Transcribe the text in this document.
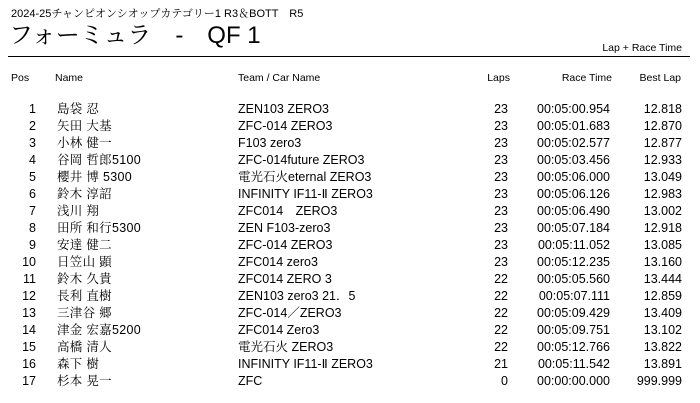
2024-25チャンピオンシオップカテゴリー1 R3＆BOTT　R5
フォーミュラ　-　QF 1	Lap + Race Time
Pos Name	Team / Car Name	Laps	Race Time	Best Lap
1 島袋 忍	ZEN103 ZERO3	23 00:05:00.954	12.818
2 矢田 大基	ZFC-014 ZERO3	23 00:05:01.683	12.870
3 小林 健一	F103 zero3	23 00:05:02.577	12.877
4 谷岡 哲郎5100	ZFC-014future ZERO3	23 00:05:03.456	12.933
5 櫻井 博 5300	電光石火eternal ZERO3	23 00:05:06.000	13.049
6 鈴木 淳詔	INFINITY IF11-Ⅱ ZERO3	23 00:05:06.126	12.983
7 浅川 翔	ZFC014　ZERO3	23 00:05:06.490	13.002
8 田所 和行5300	ZEN F103-zero3	23 00:05:07.184	12.918
9 安達 健二	ZFC-014 ZERO3	23 00:05:11.052	13.085
10 日笠山 顕	ZFC014 zero3	23 00:05:12.235	13.160
11 鈴木 久貴	ZFC014 ZERO 3	22 00:05:05.560	13.444
12 長利 直樹	ZEN103 zero3 21．5	22 00:05:07.111	12.859
13 三津谷 郷	ZFC-014／ZERO3	22 00:05:09.429	13.409
14 津金 宏嘉5200	ZFC014 Zero3	22 00:05:09.751	13.102
15 高橋 清人	電光石火 ZERO3	22 00:05:12.766	13.822
16 森下 樹	INFINITY IF11-Ⅱ ZERO3	21 00:05:11.542	13.891
17 杉本 晃一	ZFC	0 00:00:00.000 999.999
